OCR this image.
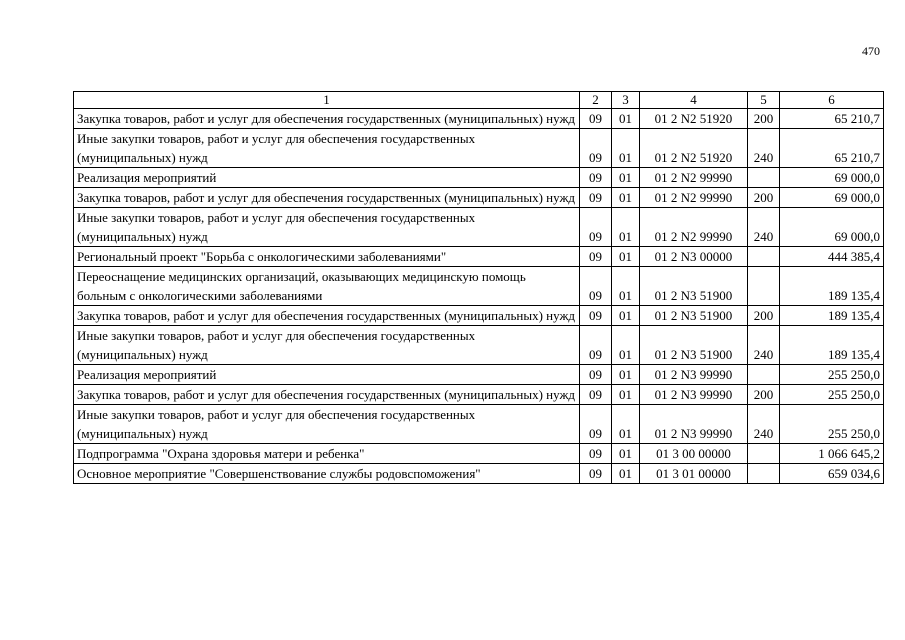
470
1	2	3	4	5	6
Закупка товаров, работ и услуг для обеспечения государственных (муниципальных) нужд	09	01	01 2 N2 51920	200	65 210,7
Иные закупки товаров, работ и услуг для обеспечения государственных (муниципальных) нужд	09	01	01 2 N2 51920	240	65 210,7
Реализация мероприятий	09	01	01 2 N2 99990		69 000,0
Закупка товаров, работ и услуг для обеспечения государственных (муниципальных) нужд	09	01	01 2 N2 99990	200	69 000,0
Иные закупки товаров, работ и услуг для обеспечения государственных (муниципальных) нужд	09	01	01 2 N2 99990	240	69 000,0
Региональный проект "Борьба с онкологическими заболеваниями"	09	01	01 2 N3 00000		444 385,4
Переоснащение медицинских организаций, оказывающих медицинскую помощь больным с онкологическими заболеваниями	09	01	01 2 N3 51900		189 135,4
Закупка товаров, работ и услуг для обеспечения государственных (муниципальных) нужд	09	01	01 2 N3 51900	200	189 135,4
Иные закупки товаров, работ и услуг для обеспечения государственных (муниципальных) нужд	09	01	01 2 N3 51900	240	189 135,4
Реализация мероприятий	09	01	01 2 N3 99990		255 250,0
Закупка товаров, работ и услуг для обеспечения государственных (муниципальных) нужд	09	01	01 2 N3 99990	200	255 250,0
Иные закупки товаров, работ и услуг для обеспечения государственных (муниципальных) нужд	09	01	01 2 N3 99990	240	255 250,0
Подпрограмма "Охрана здоровья матери и ребенка"	09	01	01 3 00 00000		1 066 645,2
Основное мероприятие "Совершенствование службы родовспоможения"	09	01	01 3 01 00000		659 034,6
